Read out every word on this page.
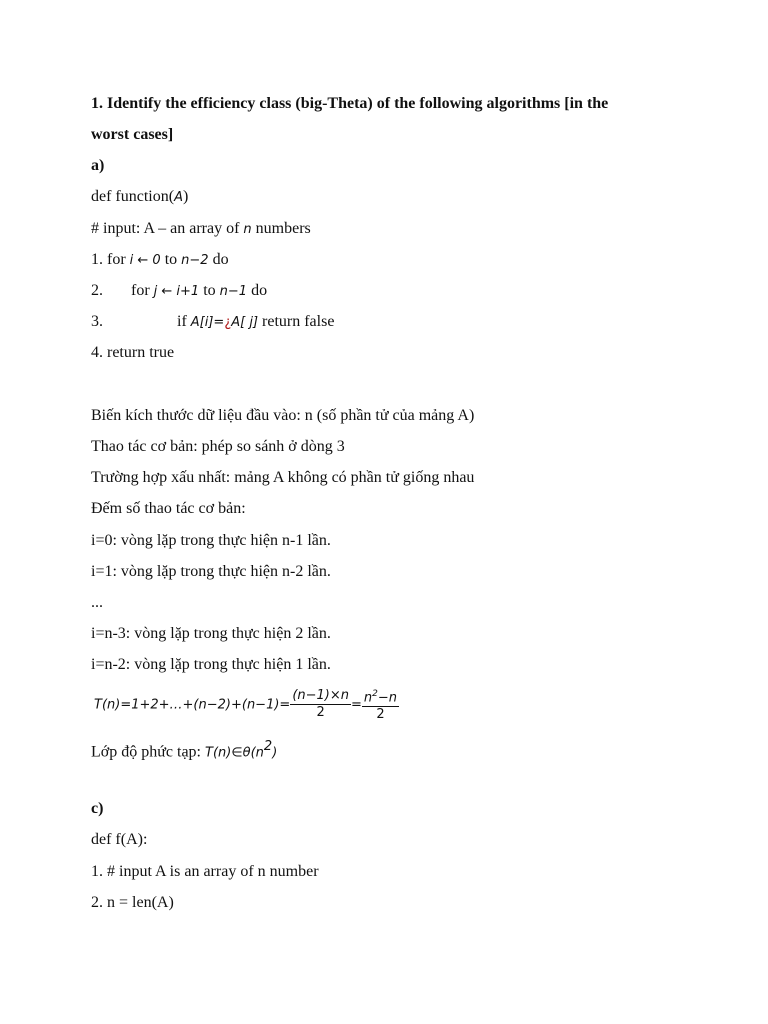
1. Identify the efficiency class (big-Theta) of the following algorithms [in the
worst cases]
a)
def function(A)
# input: A – an array of n numbers
1. for i ← 0 to n−2 do
2. for j ← i+1 to n−1 do
3.	if A[i]=¿A[ j] return false
4. return true
Biến kích thước dữ liệu đầu vào: n (số phần tử của mảng A)
Thao tác cơ bản: phép so sánh ở dòng 3
Trường hợp xấu nhất: mảng A không có phần tử giống nhau
Đếm số thao tác cơ bản:
i=0: vòng lặp trong thực hiện n-1 lần.
i=1: vòng lặp trong thực hiện n-2 lần.
...
i=n-3: vòng lặp trong thực hiện 2 lần.
i=n-2: vòng lặp trong thực hiện 1 lần.
T(n)=1+2+…+(n−2)+(n−1)= $\frac{(n-1)\times n}{2} = \frac{n^2-n}{2}$
Lớp độ phức tạp: $T(n)\in\theta(n^2)$
c)
def f(A):
1. # input A is an array of n number
2. n = len(A)
